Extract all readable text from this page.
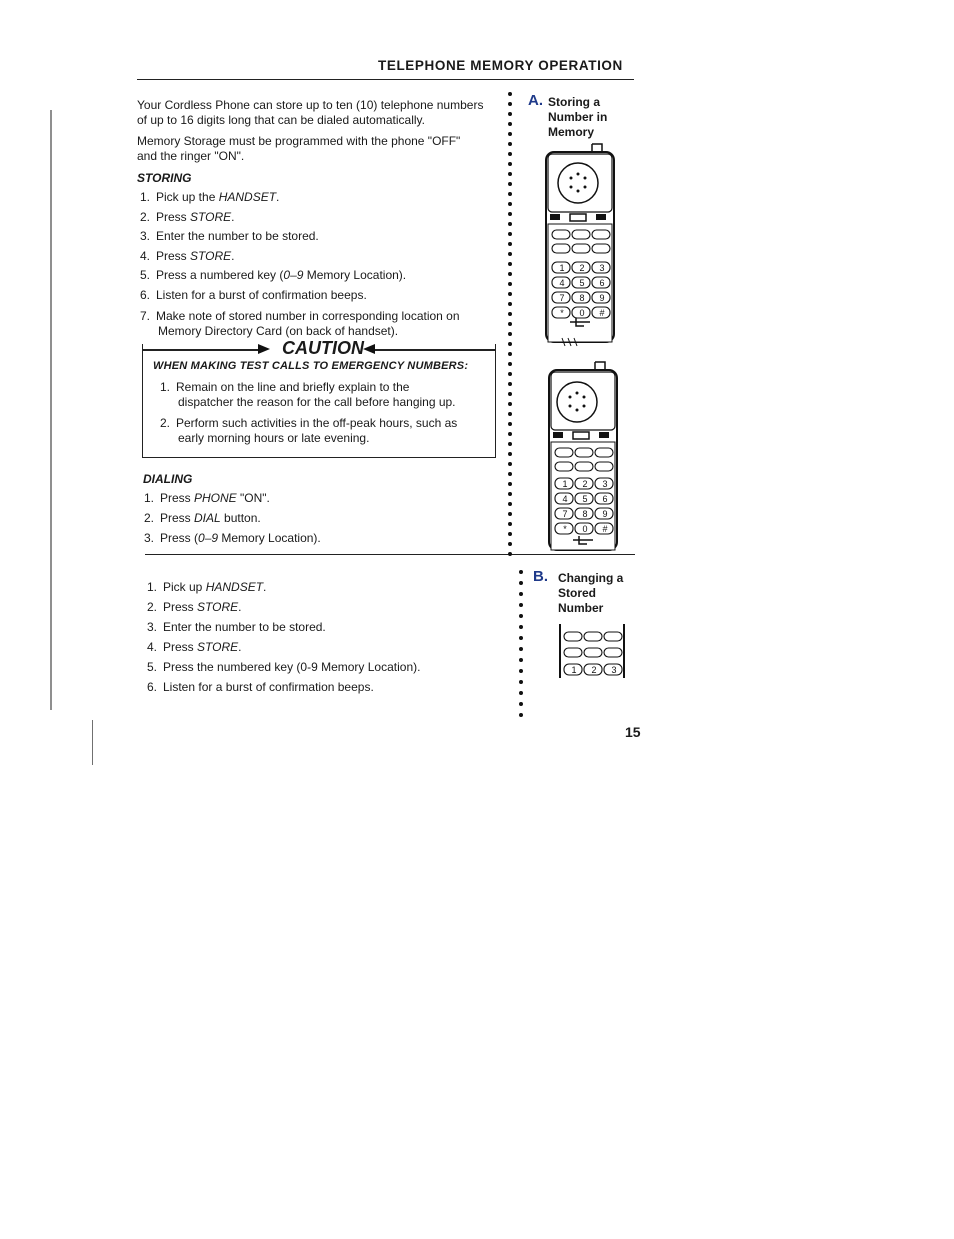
TELEPHONE MEMORY OPERATION
Your Cordless Phone can store up to ten (10) telephone numbers
of up to 16 digits long that can be dialed automatically.
Memory Storage must be programmed with the phone "OFF"
and the ringer "ON".
STORING
1. Pick up the HANDSET.
2. Press STORE.
3. Enter the number to be stored.
4. Press STORE.
5. Press a numbered key (0–9 Memory Location).
6. Listen for a burst of confirmation beeps.
7. Make note of stored number in corresponding location on
Memory Directory Card (on back of handset).
CAUTION
WHEN MAKING TEST CALLS TO EMERGENCY NUMBERS:
1. Remain on the line and briefly explain to the
dispatcher the reason for the call before hanging up.
2. Perform such activities in the off-peak hours, such as
early morning hours or late evening.
DIALING
1. Press PHONE "ON".
2. Press DIAL button.
3. Press (0–9 Memory Location).
1. Pick up HANDSET.
2. Press STORE.
3. Enter the number to be stored.
4. Press STORE.
5. Press the numbered key (0-9 Memory Location).
6. Listen for a burst of confirmation beeps.
A. Storing a
Number in
Memory
B. Changing a
Stored
Number
1 2 3
4 5 6
7 8 9
* 0 #
1 2 3
4 5 6
7 8 9
* 0 #
1 2 3
15
